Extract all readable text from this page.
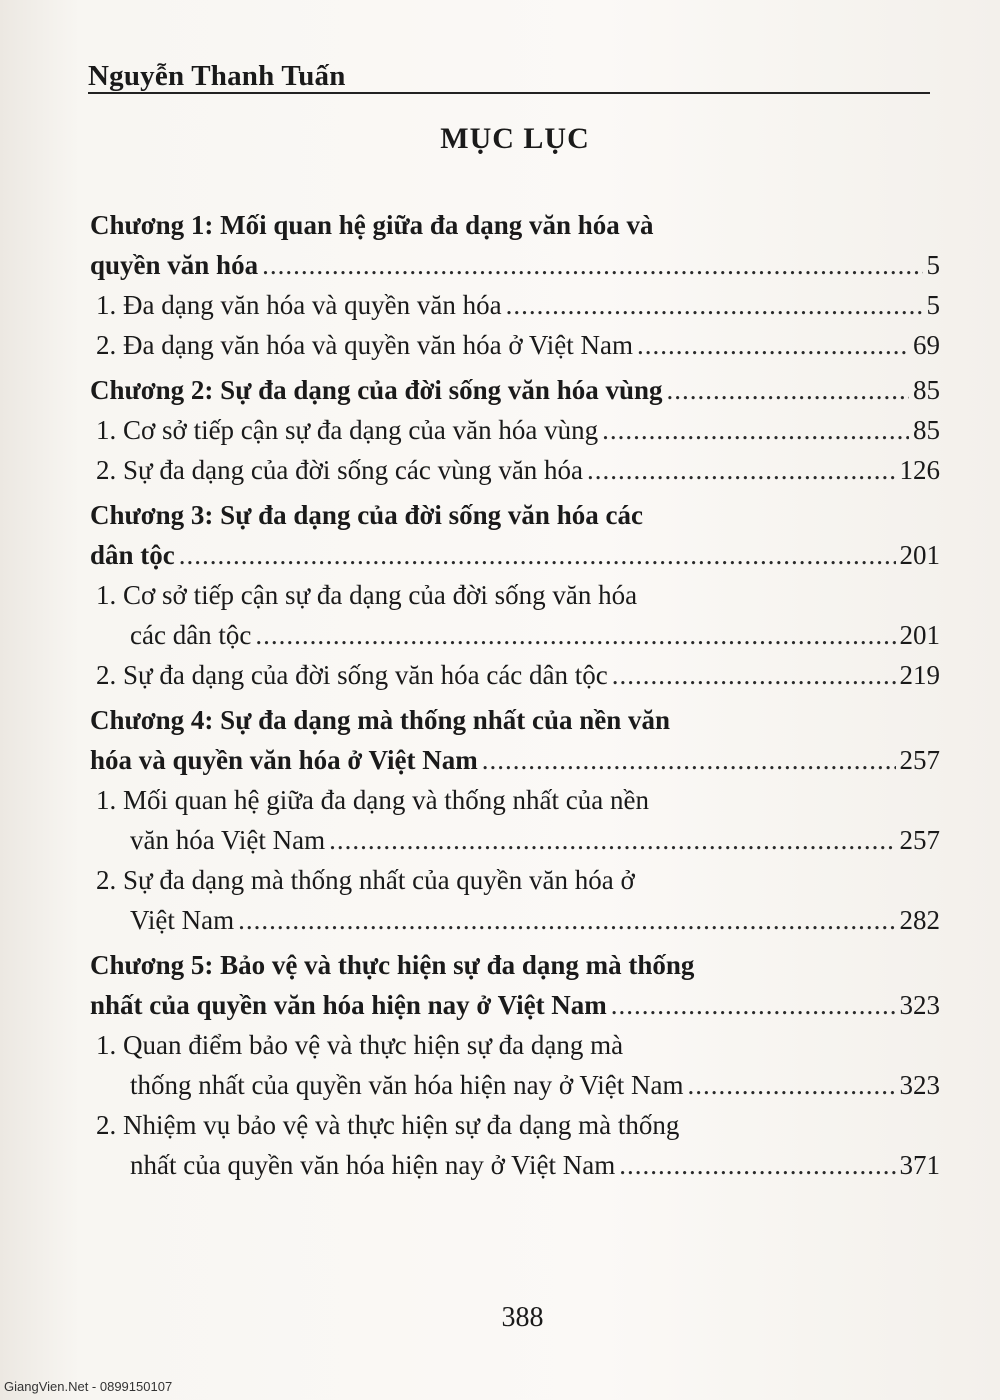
Nguyễn Thanh Tuấn
MỤC LỤC
Chương 1: Mối quan hệ giữa đa dạng văn hóa và
quyền văn hóa .....	5
1. Đa dạng văn hóa và quyền văn hóa .....	5
2. Đa dạng văn hóa và quyền văn hóa ở Việt Nam .....	69
Chương 2: Sự đa dạng của đời sống văn hóa vùng .....	85
1. Cơ sở tiếp cận sự đa dạng của văn hóa vùng .....	85
2. Sự đa dạng của đời sống các vùng văn hóa .....	126
Chương 3: Sự đa dạng của đời sống văn hóa các
dân tộc .....	201
1. Cơ sở tiếp cận sự đa dạng của đời sống văn hóa
các dân tộc .....	201
2. Sự đa dạng của đời sống văn hóa các dân tộc .....	219
Chương 4: Sự đa dạng mà thống nhất của nền văn
hóa và quyền văn hóa ở Việt Nam .....	257
1. Mối quan hệ giữa đa dạng và thống nhất của nền
văn hóa Việt Nam .....	257
2. Sự đa dạng mà thống nhất của quyền văn hóa ở
Việt Nam .....	282
Chương 5: Bảo vệ và thực hiện sự đa dạng mà thống
nhất của quyền văn hóa hiện nay ở Việt Nam .....	323
1. Quan điểm bảo vệ và thực hiện sự đa dạng mà
thống nhất của quyền văn hóa hiện nay ở Việt Nam .....	323
2. Nhiệm vụ bảo vệ và thực hiện sự đa dạng mà thống
nhất của quyền văn hóa hiện nay ở Việt Nam .....	371
388
GiangVien.Net - 0899150107
